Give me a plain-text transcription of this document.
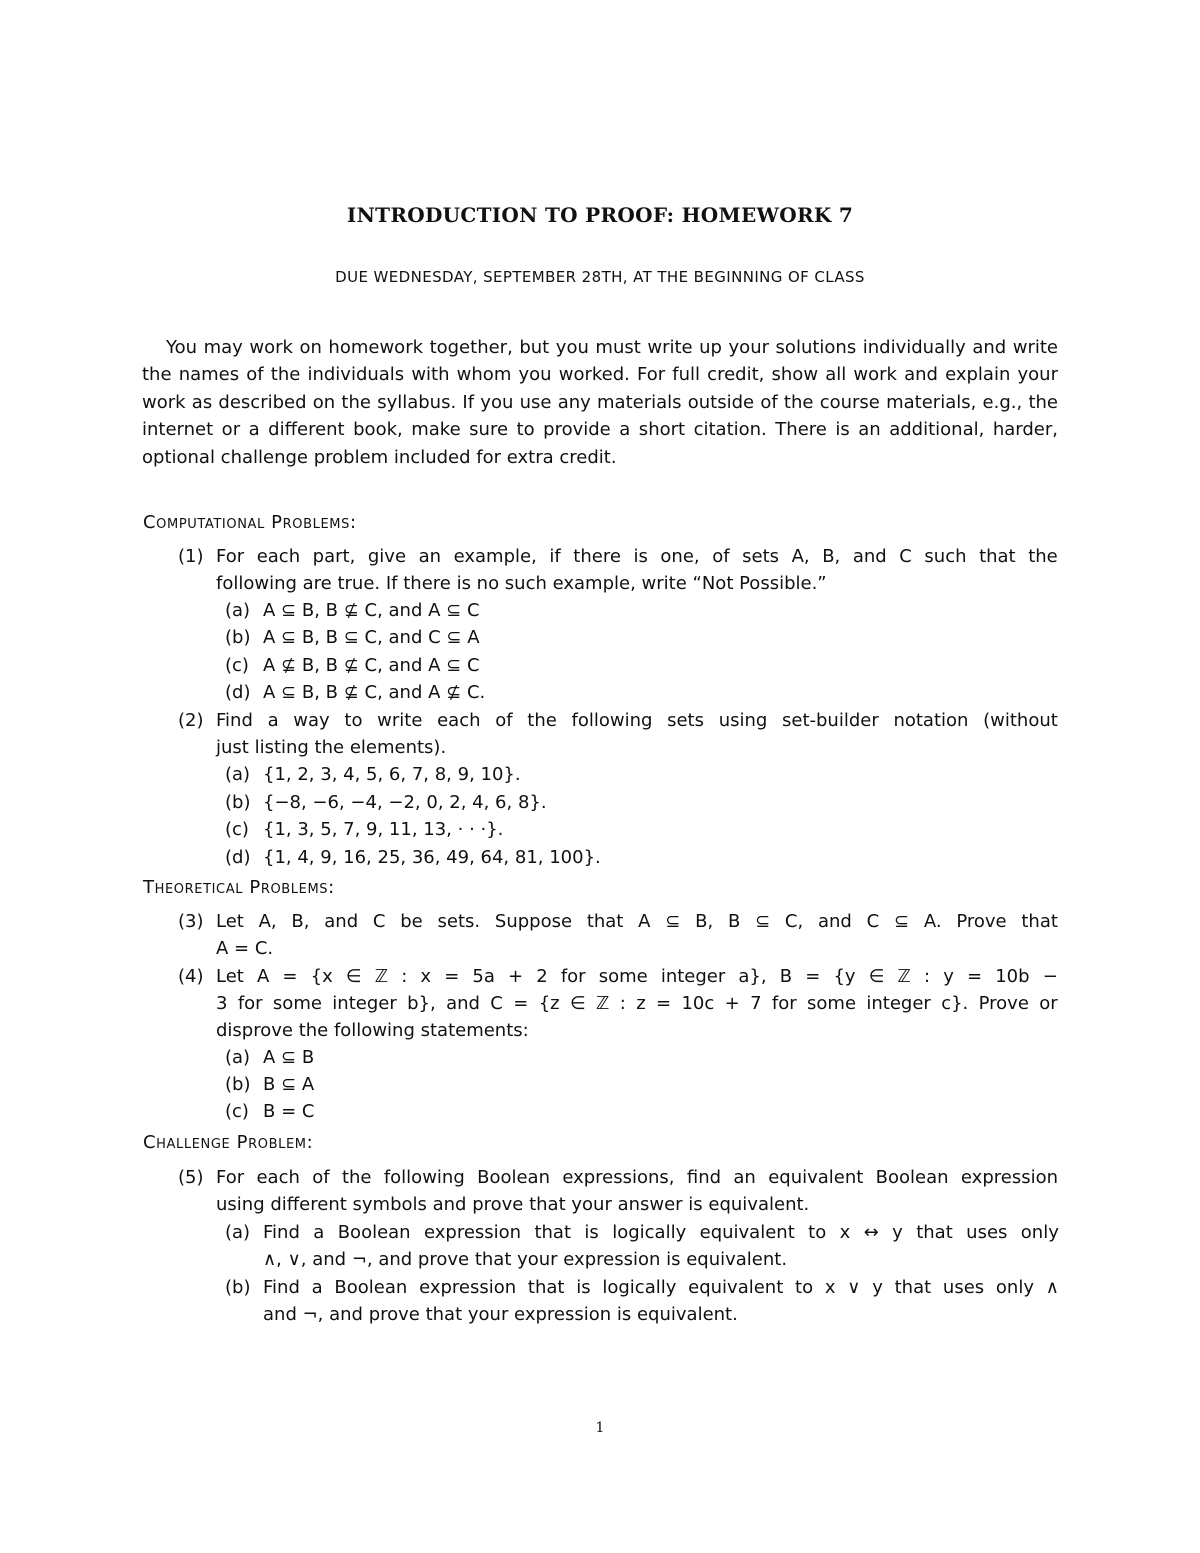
INTRODUCTION TO PROOF: HOMEWORK 7
DUE WEDNESDAY, SEPTEMBER 28TH, AT THE BEGINNING OF CLASS
You may work on homework together, but you must write up your solutions individually and write the names of the individuals with whom you worked. For full credit, show all work and explain your work as described on the syllabus. If you use any materials outside of the course materials, e.g., the internet or a different book, make sure to provide a short citation. There is an additional, harder, optional challenge problem included for extra credit.
Computational Problems:
(1) For each part, give an example, if there is one, of sets A, B, and C such that the
following are true. If there is no such example, write “Not Possible.”
(a) A ⊆ B, B ⊈ C, and A ⊆ C
(b) A ⊆ B, B ⊆ C, and C ⊆ A
(c) A ⊈ B, B ⊈ C, and A ⊆ C
(d) A ⊆ B, B ⊈ C, and A ⊈ C.
(2) Find a way to write each of the following sets using set-builder notation (without
just listing the elements).
(a) {1, 2, 3, 4, 5, 6, 7, 8, 9, 10}.
(b) {−8, −6, −4, −2, 0, 2, 4, 6, 8}.
(c) {1, 3, 5, 7, 9, 11, 13, · · ·}.
(d) {1, 4, 9, 16, 25, 36, 49, 64, 81, 100}.
Theoretical Problems:
(3) Let A, B, and C be sets. Suppose that A ⊆ B, B ⊆ C, and C ⊆ A. Prove that
A = C.
(4) Let A = {x ∈ ℤ : x = 5a + 2 for some integer a}, B = {y ∈ ℤ : y = 10b −
3 for some integer b}, and C = {z ∈ ℤ : z = 10c + 7 for some integer c}. Prove or
disprove the following statements:
(a) A ⊆ B
(b) B ⊆ A
(c) B = C
Challenge Problem:
(5) For each of the following Boolean expressions, find an equivalent Boolean expression
using different symbols and prove that your answer is equivalent.
(a) Find a Boolean expression that is logically equivalent to x ↔ y that uses only
∧, ∨, and ¬, and prove that your expression is equivalent.
(b) Find a Boolean expression that is logically equivalent to x ∨ y that uses only ∧
and ¬, and prove that your expression is equivalent.
1
